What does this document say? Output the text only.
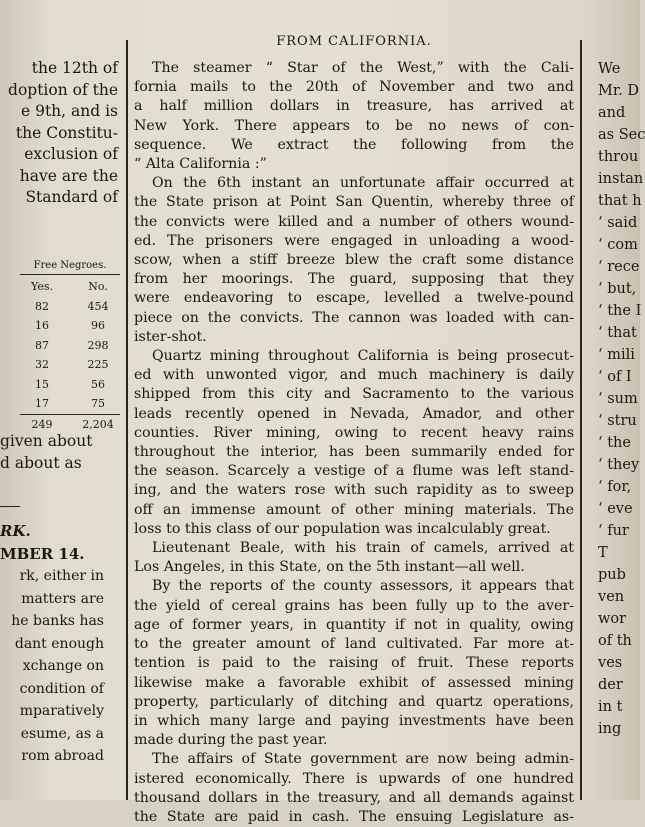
the 12th of
doption of the
e 9th, and is
the Constitu-
exclusion of
have are the
Standard of
Free Negroes.
Yes.	No.
82	454
16	96
87	298
32	225
15	56
17	75
249	2,204
given about
d about as
RK.
MBER 14.
rk, either in
matters are
he banks has
dant enough
xchange on
condition of
mparatively
esume, as a
rom abroad
FROM CALIFORNIA.
The steamer “ Star of the West,” with the Cali-
fornia mails to the 20th of November and two and
a half million dollars in treasure, has arrived at
New York. There appears to be no news of con-
sequence. We extract the following from the
“ Alta California :”
On the 6th instant an unfortunate affair occurred at
the State prison at Point San Quentin, whereby three of
the convicts were killed and a number of others wound-
ed. The prisoners were engaged in unloading a wood-
scow, when a stiff breeze blew the craft some distance
from her moorings. The guard, supposing that they
were endeavoring to escape, levelled a twelve-pound
piece on the convicts. The cannon was loaded with can-
ister-shot.
Quartz mining throughout California is being prosecut-
ed with unwonted vigor, and much machinery is daily
shipped from this city and Sacramento to the various
leads recently opened in Nevada, Amador, and other
counties. River mining, owing to recent heavy rains
throughout the interior, has been summarily ended for
the season. Scarcely a vestige of a flume was left stand-
ing, and the waters rose with such rapidity as to sweep
off an immense amount of other mining materials. The
loss to this class of our population was incalculably great.
Lieutenant Beale, with his train of camels, arrived at
Los Angeles, in this State, on the 5th instant—all well.
By the reports of the county assessors, it appears that
the yield of cereal grains has been fully up to the aver-
age of former years, in quantity if not in quality, owing
to the greater amount of land cultivated. Far more at-
tention is paid to the raising of fruit. These reports
likewise make a favorable exhibit of assessed mining
property, particularly of ditching and quartz operations,
in which many large and paying investments have been
made during the past year.
The affairs of State government are now being admin-
istered economically. There is upwards of one hundred
thousand dollars in the treasury, and all demands against
the State are paid in cash. The ensuing Legislature as-
We
Mr. D
and
as Sec
throu
instan
that h
‘ said
‘ com
‘ rece
‘ but,
‘ the I
‘ that
‘ mili
‘ of I
‘ sum
‘ stru
‘ the
‘ they
‘ for,
‘ eve
‘ fur
T
pub
ven
wor
of th
ves
der
in t
ing
